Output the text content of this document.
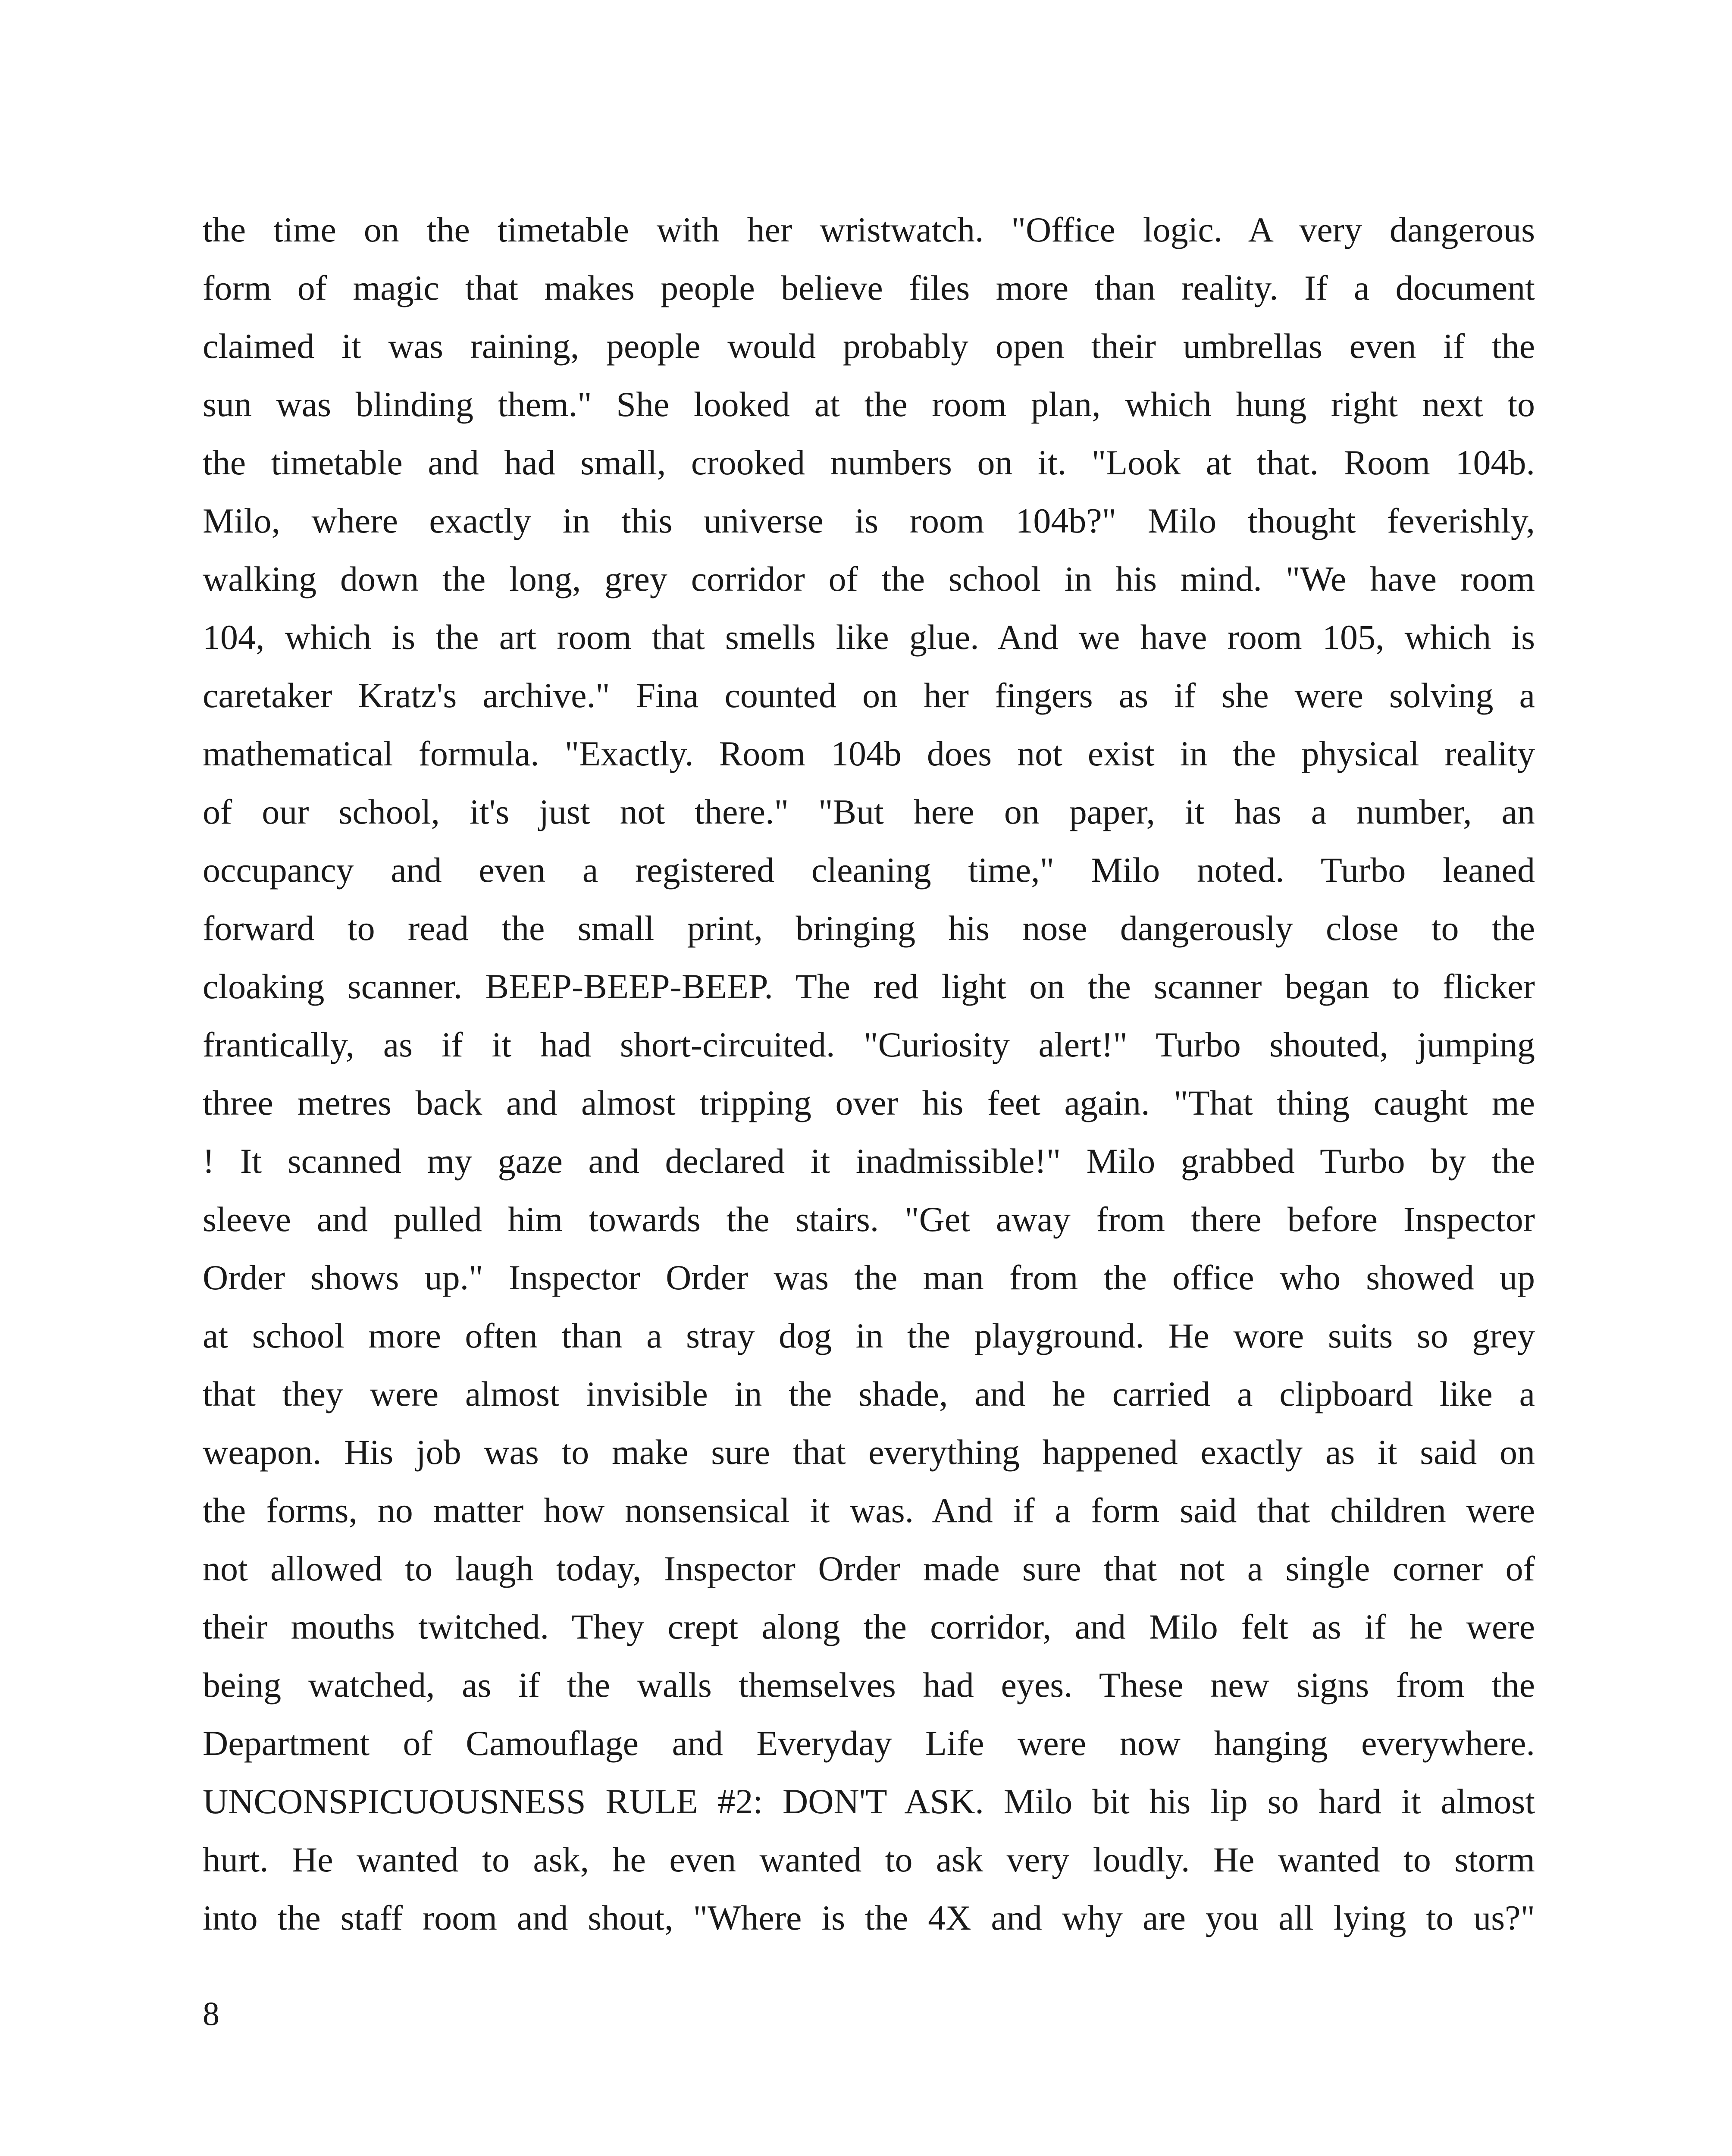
the time on the timetable with her wristwatch. "Office logic. A very dangerous
form of magic that makes people believe files more than reality. If a document
claimed it was raining, people would probably open their umbrellas even if the
sun was blinding them." She looked at the room plan, which hung right next to
the timetable and had small, crooked numbers on it. "Look at that. Room 104b.
Milo, where exactly in this universe is room 104b?" Milo thought feverishly,
walking down the long, grey corridor of the school in his mind. "We have room
104, which is the art room that smells like glue. And we have room 105, which is
caretaker Kratz's archive." Fina counted on her fingers as if she were solving a
mathematical formula. "Exactly. Room 104b does not exist in the physical reality
of our school, it's just not there." "But here on paper, it has a number, an
occupancy and even a registered cleaning time," Milo noted. Turbo leaned
forward to read the small print, bringing his nose dangerously close to the
cloaking scanner. BEEP-BEEP-BEEP. The red light on the scanner began to flicker
frantically, as if it had short-circuited. "Curiosity alert!" Turbo shouted, jumping
three metres back and almost tripping over his feet again. "That thing caught me
! It scanned my gaze and declared it inadmissible!" Milo grabbed Turbo by the
sleeve and pulled him towards the stairs. "Get away from there before Inspector
Order shows up." Inspector Order was the man from the office who showed up
at school more often than a stray dog in the playground. He wore suits so grey
that they were almost invisible in the shade, and he carried a clipboard like a
weapon. His job was to make sure that everything happened exactly as it said on
the forms, no matter how nonsensical it was. And if a form said that children were
not allowed to laugh today, Inspector Order made sure that not a single corner of
their mouths twitched. They crept along the corridor, and Milo felt as if he were
being watched, as if the walls themselves had eyes. These new signs from the
Department of Camouflage and Everyday Life were now hanging everywhere.
UNCONSPICUOUSNESS RULE #2: DON'T ASK. Milo bit his lip so hard it almost
hurt. He wanted to ask, he even wanted to ask very loudly. He wanted to storm
into the staff room and shout, "Where is the 4X and why are you all lying to us?"
8
